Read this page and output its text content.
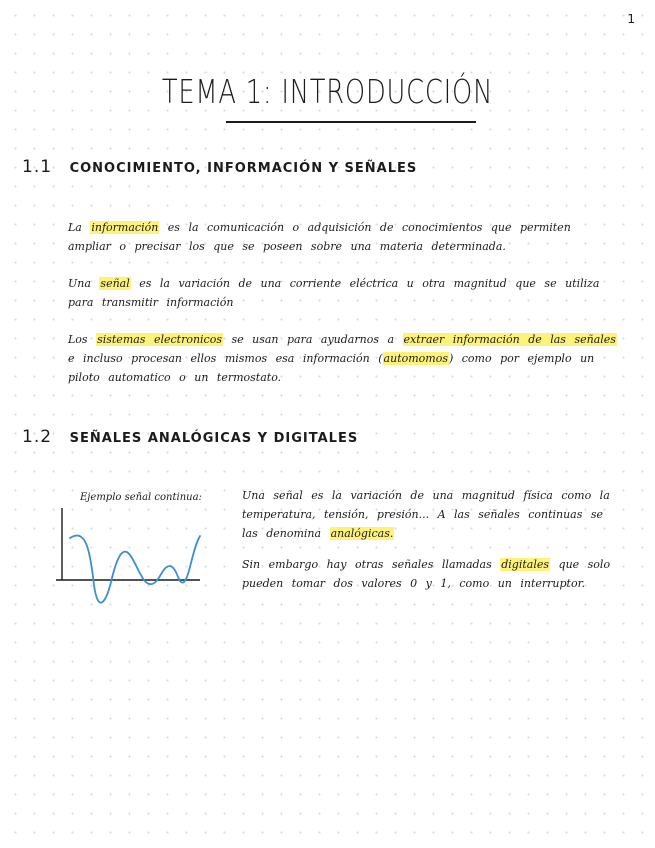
1
TEMA 1: INTRODUCCIÓN
1.1 CONOCIMIENTO, INFORMACIÓN Y SEÑALES

La información es la comunicación o adquisición de conocimientos que permiten ampliar o precisar los que se poseen sobre una materia determinada.

Una señal es la variación de una corriente eléctrica u otra magnitud que se utiliza para transmitir información

Los sistemas electronicos se usan para ayudarnos a extraer información de las señales e incluso procesan ellos mismos esa información (automomos) como por ejemplo un piloto automatico o un termostato.

1.2 SEÑALES ANALÓGICAS Y DIGITALES
Ejemplo señal continua:	Una señal es la variación de una magnitud física como la temperatura, tensión, presión... A las señales continuas se las denomina analógicas.

Sin embargo hay otras señales llamadas digitales que solo pueden tomar dos valores 0 y 1, como un interruptor.
